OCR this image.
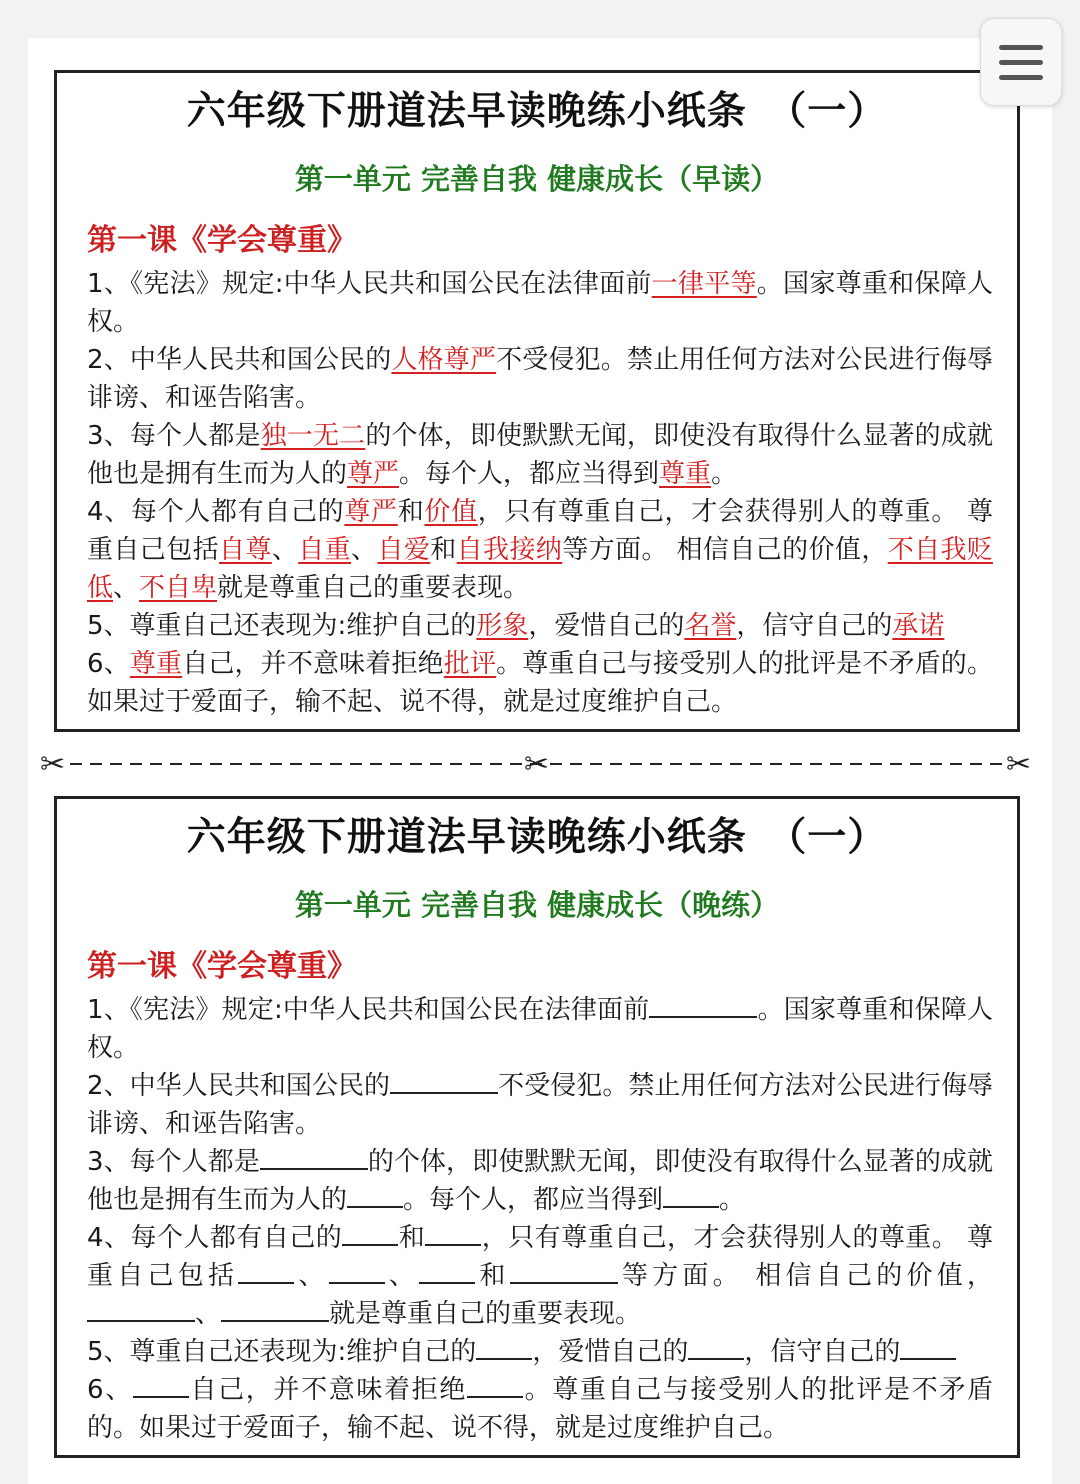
六年级下册道法早读晚练小纸条　（一）
第一单元 完善自我 健康成长（早读）
第一课《学会尊重》

1、《宪法》规定:中华人民共和国公民在法律面前一律平等。国家尊重和保障人权。

2、中华人民共和国公民的人格尊严不受侵犯。禁止用任何方法对公民进行侮辱诽谤、和诬告陷害。

3、每个人都是独一无二的个体，即使默默无闻，即使没有取得什么显著的成就他也是拥有生而为人的尊严。每个人，都应当得到尊重。

4、每个人都有自己的尊严和价值，只有尊重自己，才会获得别人的尊重。 尊重自己包括自尊、自重、自爱和自我接纳等方面。 相信自己的价值，不自我贬低、不自卑就是尊重自己的重要表现。

5、尊重自己还表现为:维护自己的形象，爱惜自己的名誉，信守自己的承诺

6、尊重自己，并不意味着拒绝批评。尊重自己与接受别人的批评是不矛盾的。如果过于爱面子，输不起、说不得，就是过度维护自己。

✂	✂	✂
六年级下册道法早读晚练小纸条　（一）
第一单元 完善自我 健康成长（晚练）
第一课《学会尊重》

1、《宪法》规定:中华人民共和国公民在法律面前	。国家尊重和保障人权。

2、中华人民共和国公民的	不受侵犯。禁止用任何方法对公民进行侮辱诽谤、和诬告陷害。

3、每个人都是	的个体，即使默默无闻，即使没有取得什么显著的成就他也是拥有生而为人的 。每个人，都应当得到 。

4、每个人都有自己的 和 ，只有尊重自己，才会获得别人的尊重。 尊重自己包括 、 、 和	等方面。 相信自己的价值，、	就是尊重自己的重要表现。

5、尊重自己还表现为:维护自己的 ，爱惜自己的 ，信守自己的

6、 自己，并不意味着拒绝 。尊重自己与接受别人的批评是不矛盾的。如果过于爱面子，输不起、说不得，就是过度维护自己。
